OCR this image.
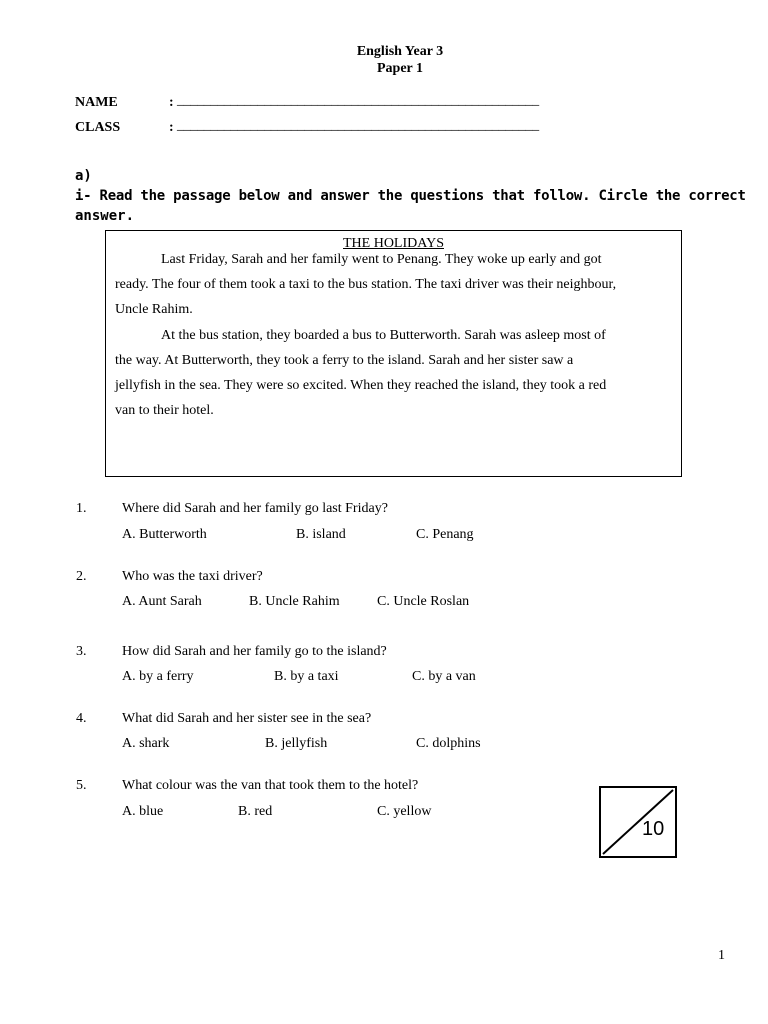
English Year 3
Paper 1
NAME	: ______________________________________________________
CLASS	: ______________________________________________________
a)
i- Read the passage below and answer the questions that follow. Circle the correct
answer.
THE HOLIDAYS
Last Friday, Sarah and her family went to Penang. They woke up early and got
ready. The four of them took a taxi to the bus station. The taxi driver was their neighbour,
Uncle Rahim.
At the bus station, they boarded a bus to Butterworth. Sarah was asleep most of
the way. At Butterworth, they took a ferry to the island. Sarah and her sister saw a
jellyfish in the sea. They were so excited. When they reached the island, they took a red
van to their hotel.
1.	Where did Sarah and her family go last Friday?
A. Butterworth	B. island	C. Penang
2.	Who was the taxi driver?
A. Aunt Sarah	B. Uncle Rahim	C. Uncle Roslan
3.	How did Sarah and her family go to the island?
A. by a ferry	B. by a taxi	C. by a van
4.	What did Sarah and her sister see in the sea?
A. shark	B. jellyfish	C. dolphins
5.	What colour was the van that took them to the hotel?
A. blue	B. red	C. yellow
10
1
